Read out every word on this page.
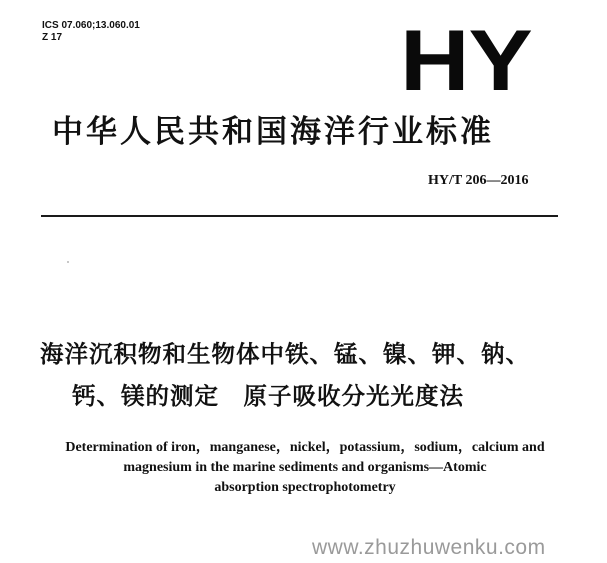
ICS 07.060;13.060.01
Z 17	HY
中华人民共和国海洋行业标准
HY/T 206—2016
海洋沉积物和生物体中铁、锰、镍、钾、钠、
钙、镁的测定　原子吸收分光光度法
Determination of iron，manganese，nickel，potassium，sodium，calcium and
magnesium in the marine sediments and organisms—Atomic
absorption spectrophotometry
www.zhuzhuwenku.com
